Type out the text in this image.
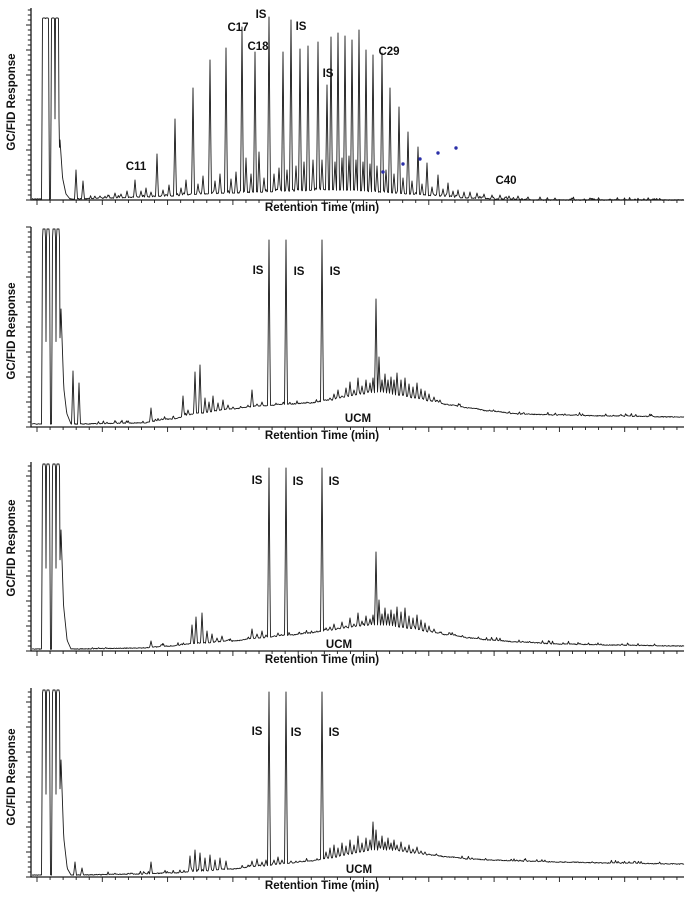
C11
C17
IS
C18
IS
IS
C29
C40
GC/FID Response
Retention Time (min)
IS	IS IS
UCM
GC/FID Response
Retention Time (min)
IS	IS IS
UCM
GC/FID Response
Retention Time (min)
IS IS IS
UCM
GC/FID Response
Retention Time (min)
